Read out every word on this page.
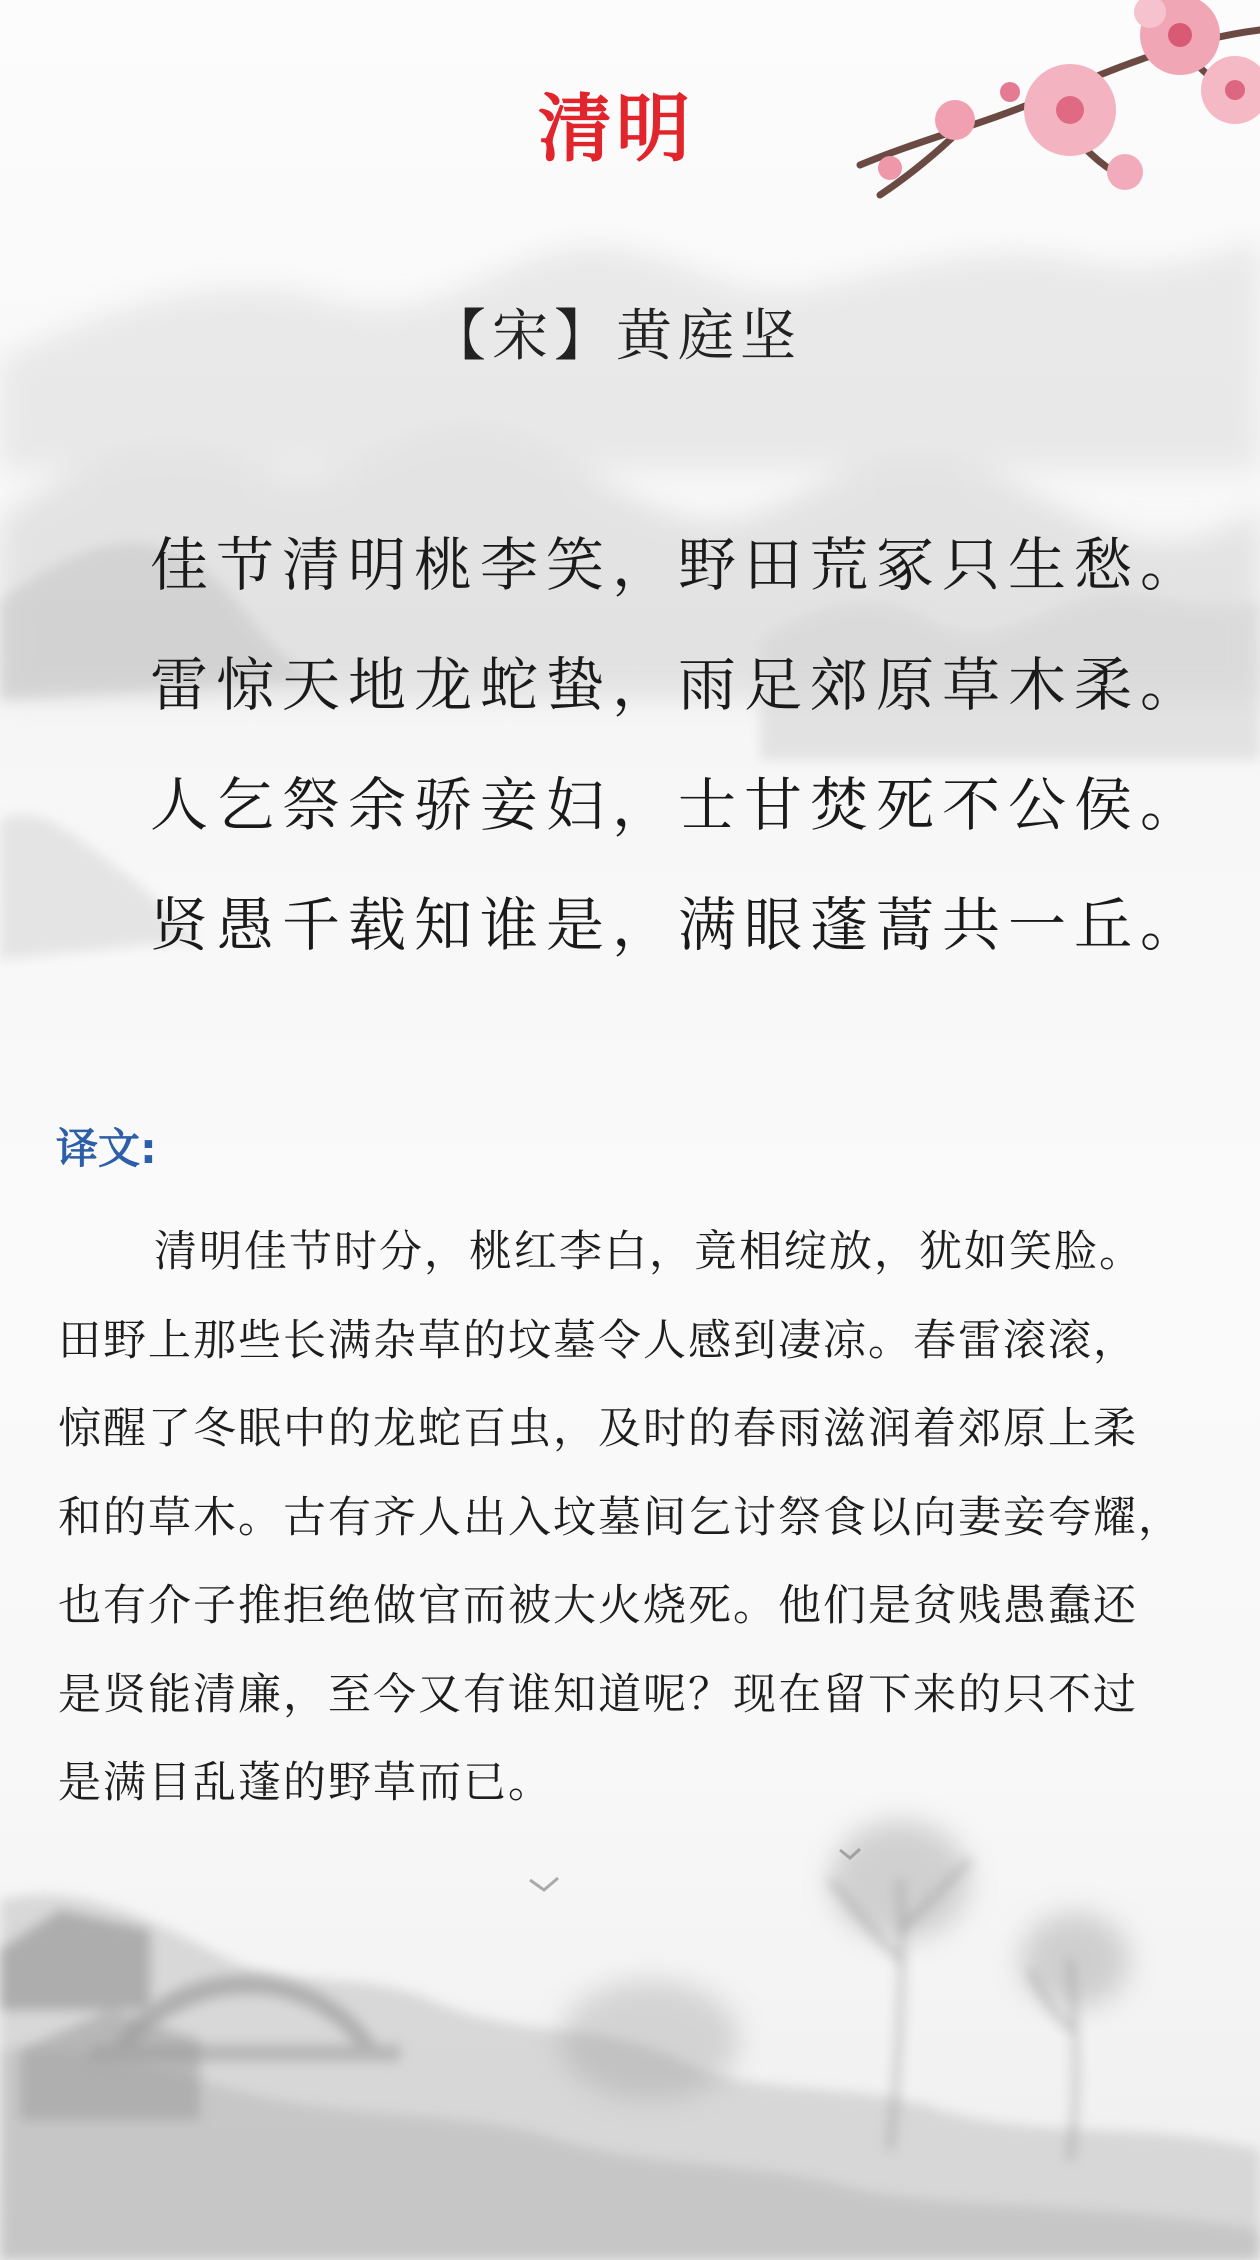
清明
【宋】黄庭坚
佳节清明桃李笑，野田荒冢只生愁。
雷惊天地龙蛇蛰，雨足郊原草木柔。
人乞祭余骄妾妇，士甘焚死不公侯。
贤愚千载知谁是，满眼蓬蒿共一丘。
译文:
清明佳节时分，桃红李白，竟相绽放，犹如笑脸。
田野上那些长满杂草的坟墓令人感到凄凉。春雷滚滚，
惊醒了冬眠中的龙蛇百虫，及时的春雨滋润着郊原上柔
和的草木。古有齐人出入坟墓间乞讨祭食以向妻妾夸耀，
也有介子推拒绝做官而被大火烧死。他们是贫贱愚蠢还
是贤能清廉，至今又有谁知道呢？现在留下来的只不过
是满目乱蓬的野草而已。
